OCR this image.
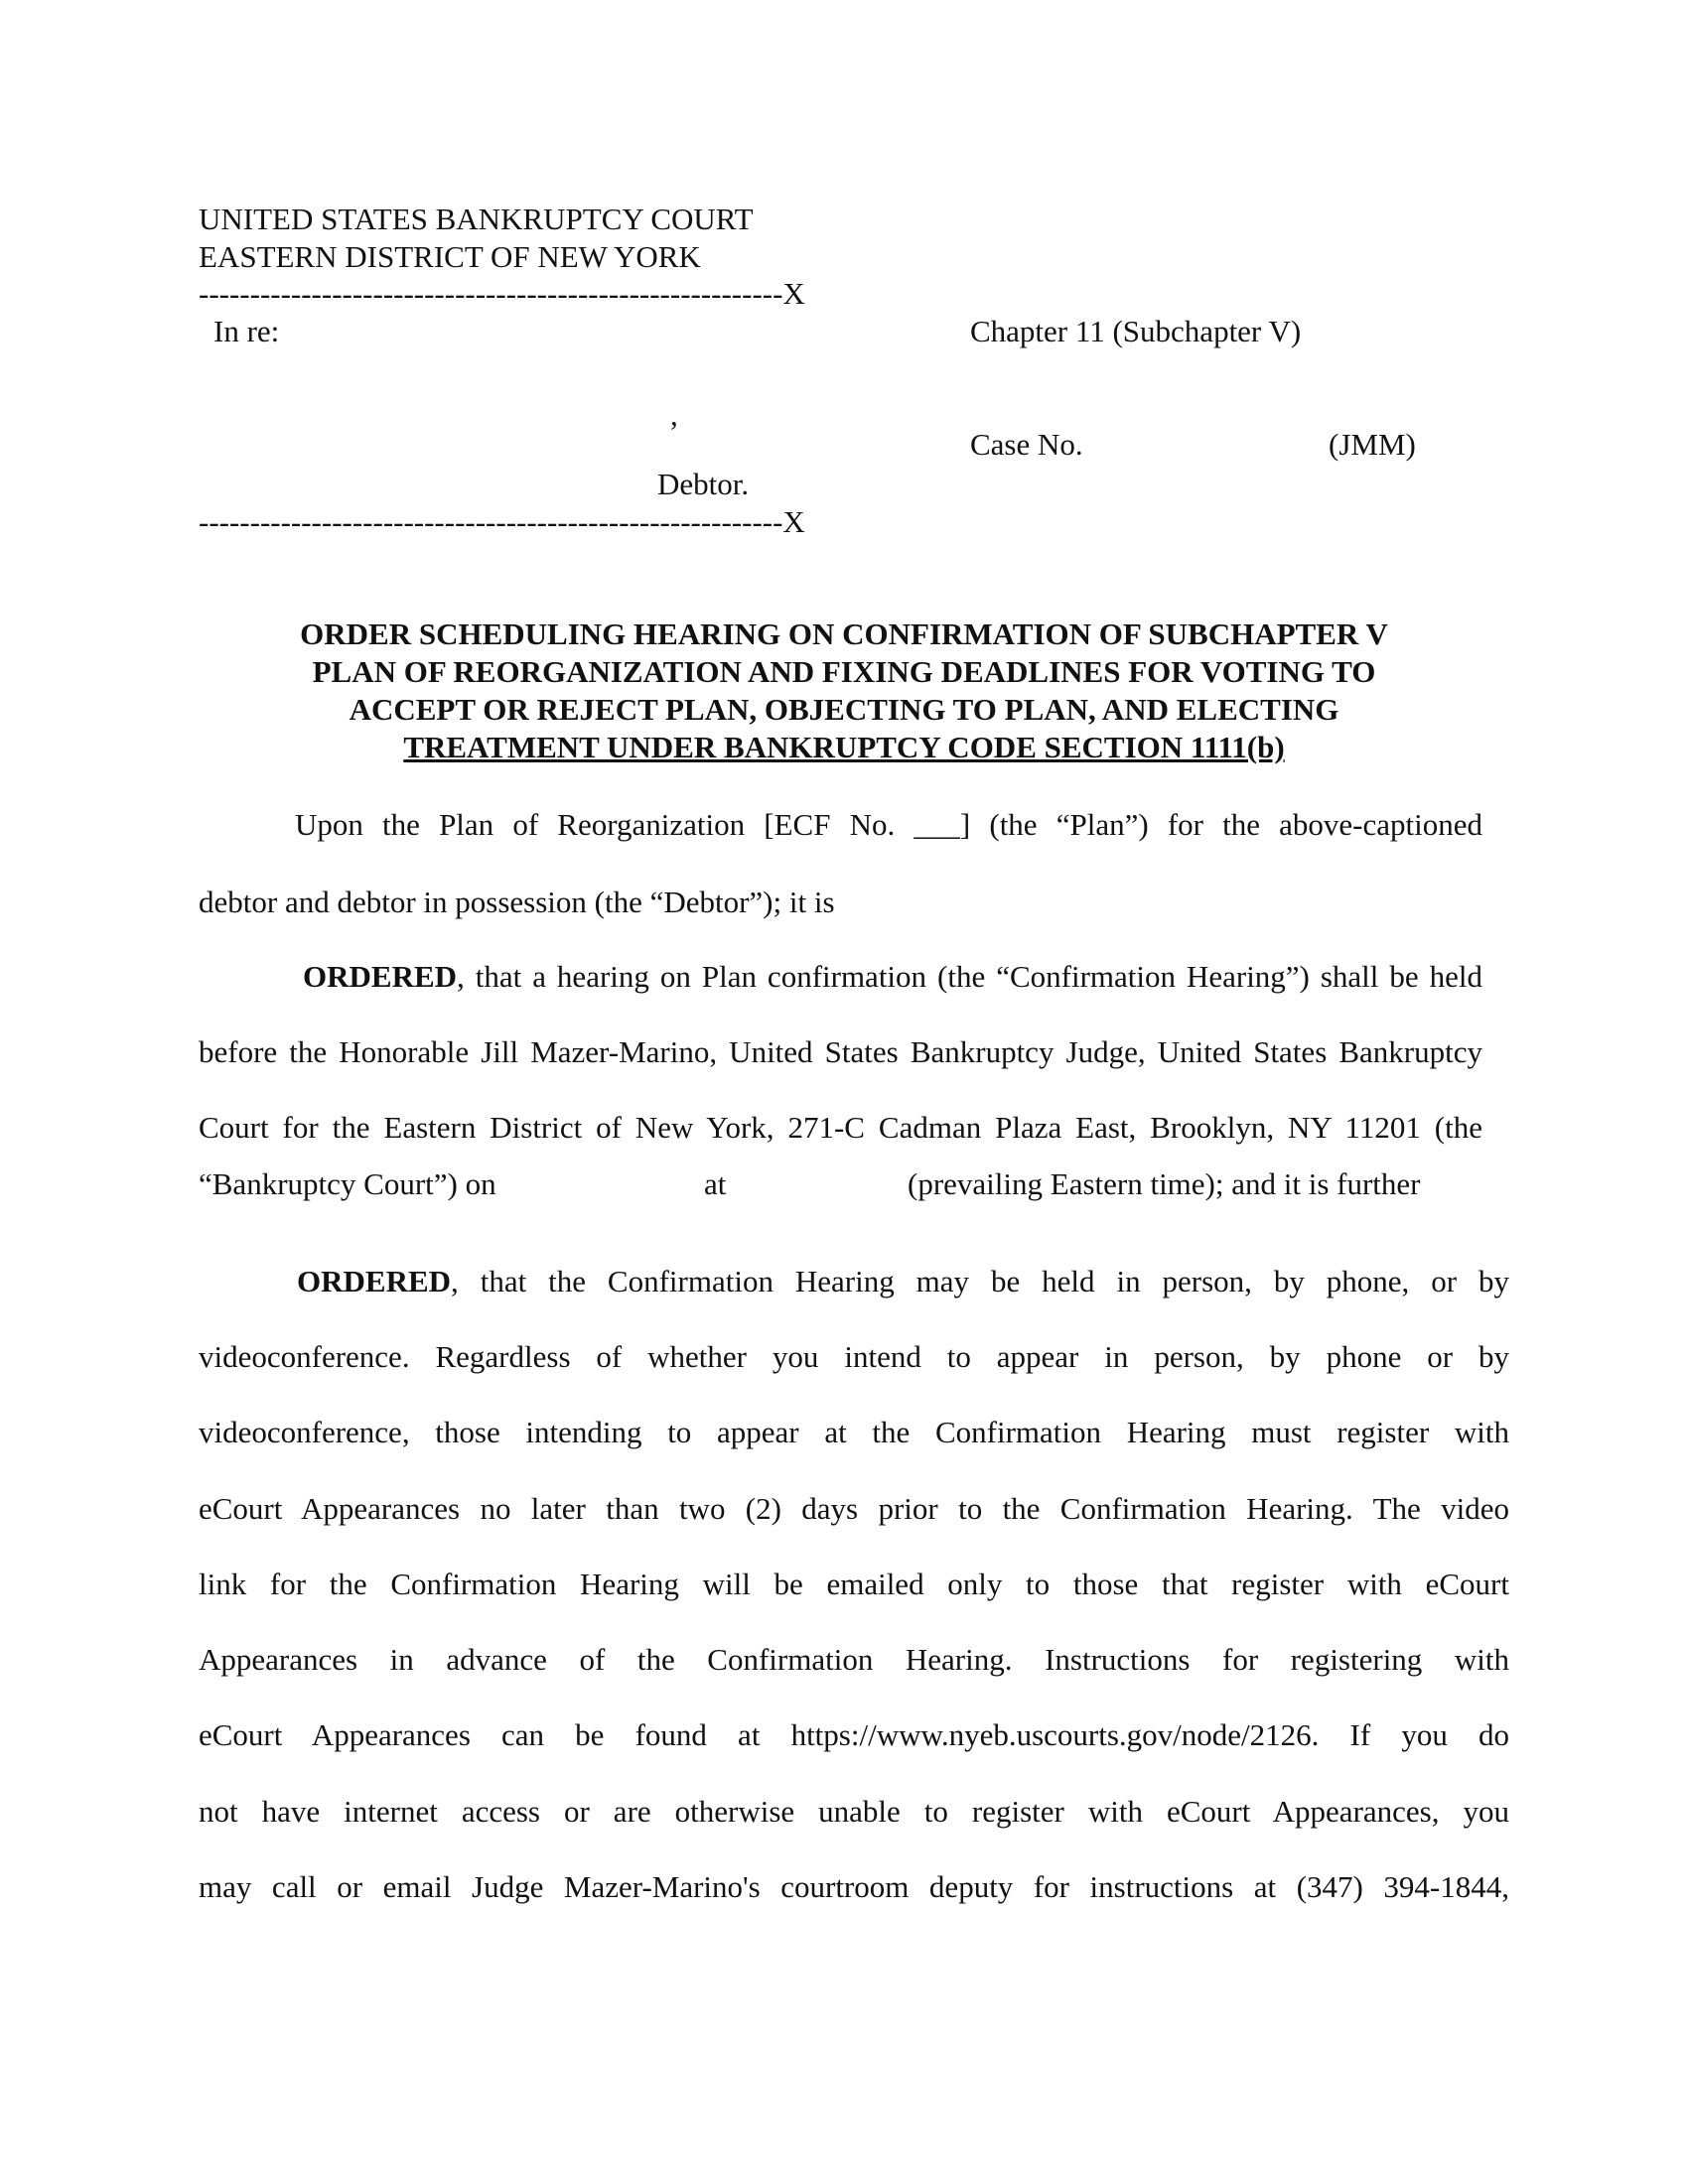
UNITED STATES BANKRUPTCY COURT
EASTERN DISTRICT OF NEW YORK
---------------------------------------------------------X
In re:	Chapter 11 (Subchapter V)
,
Case No.	(JMM)
Debtor.
---------------------------------------------------------X
ORDER SCHEDULING HEARING ON CONFIRMATION OF SUBCHAPTER V
PLAN OF REORGANIZATION AND FIXING DEADLINES FOR VOTING TO
ACCEPT OR REJECT PLAN, OBJECTING TO PLAN, AND ELECTING
TREATMENT UNDER BANKRUPTCY CODE SECTION 1111(b)
Upon the Plan of Reorganization [ECF No. ___] (the “Plan”) for the above-captioned
debtor and debtor in possession (the “Debtor”); it is
ORDERED, that a hearing on Plan confirmation (the “Confirmation Hearing”) shall be held
before the Honorable Jill Mazer-Marino, United States Bankruptcy Judge, United States Bankruptcy
Court for the Eastern District of New York, 271-C Cadman Plaza East, Brooklyn, NY 11201 (the
“Bankruptcy Court”) on	at	(prevailing Eastern time); and it is further
ORDERED, that the Confirmation Hearing may be held in person, by phone, or by
videoconference. Regardless of whether you intend to appear in person, by phone or by
videoconference, those intending to appear at the Confirmation Hearing must register with
eCourt Appearances no later than two (2) days prior to the Confirmation Hearing. The video
link for the Confirmation Hearing will be emailed only to those that register with eCourt
Appearances in advance of the Confirmation Hearing. Instructions for registering with
eCourt Appearances can be found at https://www.nyeb.uscourts.gov/node/2126. If you do
not have internet access or are otherwise unable to register with eCourt Appearances, you
may call or email Judge Mazer-Marino's courtroom deputy for instructions at (347) 394-1844,
